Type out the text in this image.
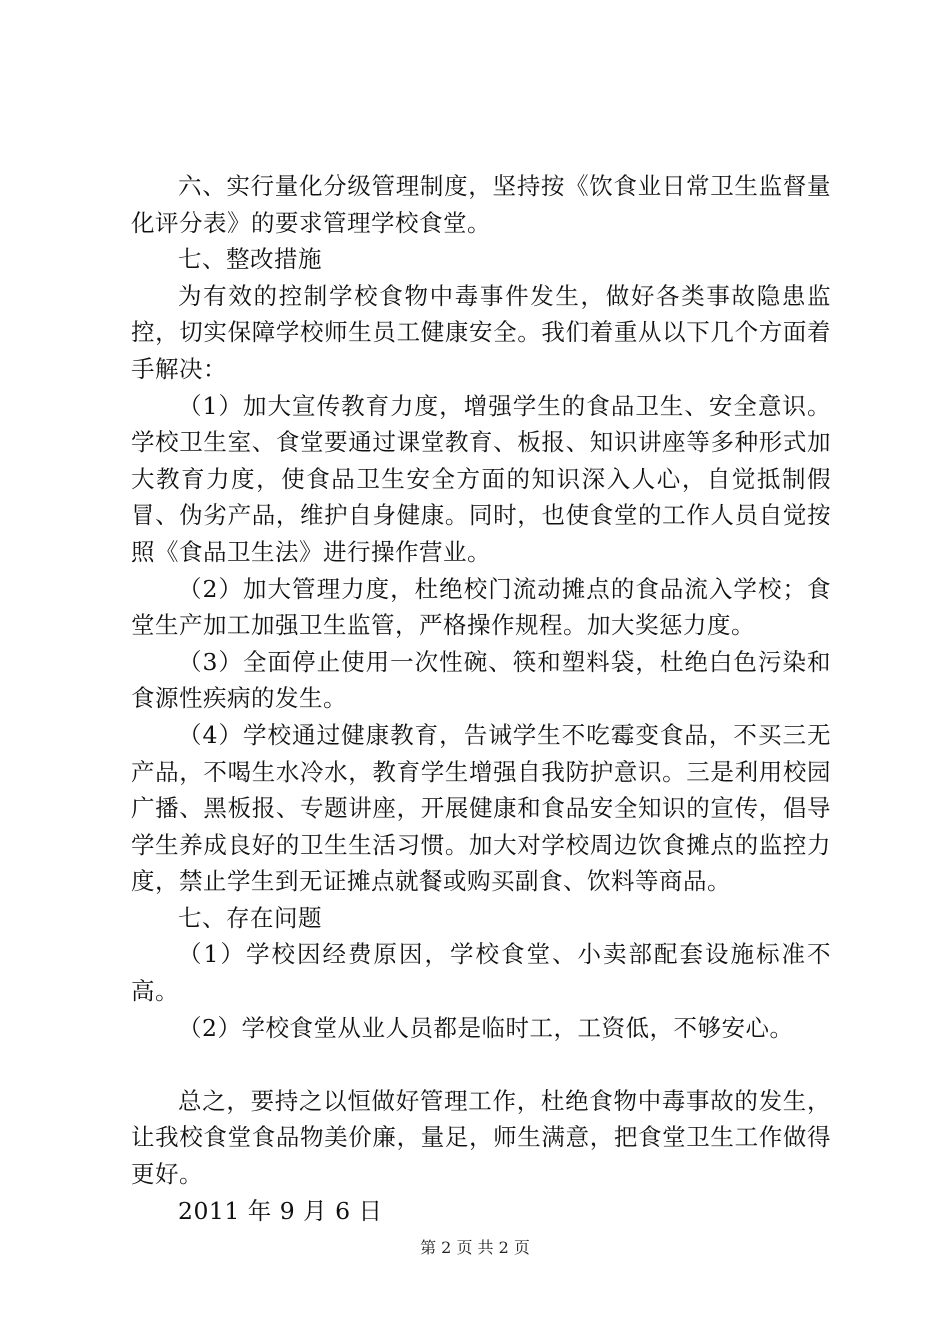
六、实行量化分级管理制度，坚持按《饮食业日常卫生监督量化评分表》的要求管理学校食堂。

七、整改措施

为有效的控制学校食物中毒事件发生，做好各类事故隐患监控，切实保障学校师生员工健康安全。我们着重从以下几个方面着手解决：

（1）加大宣传教育力度，增强学生的食品卫生、安全意识。学校卫生室、食堂要通过课堂教育、板报、知识讲座等多种形式加大教育力度，使食品卫生安全方面的知识深入人心，自觉抵制假冒、伪劣产品，维护自身健康。同时，也使食堂的工作人员自觉按照《食品卫生法》进行操作营业。

（2）加大管理力度，杜绝校门流动摊点的食品流入学校；食堂生产加工加强卫生监管，严格操作规程。加大奖惩力度。

（3）全面停止使用一次性碗、筷和塑料袋，杜绝白色污染和食源性疾病的发生。

（4）学校通过健康教育，告诫学生不吃霉变食品，不买三无产品，不喝生水冷水，教育学生增强自我防护意识。三是利用校园广播、黑板报、专题讲座，开展健康和食品安全知识的宣传，倡导学生养成良好的卫生生活习惯。加大对学校周边饮食摊点的监控力度，禁止学生到无证摊点就餐或购买副食、饮料等商品。

七、存在问题

（1）学校因经费原因，学校食堂、小卖部配套设施标准不高。

（2）学校食堂从业人员都是临时工，工资低，不够安心。

总之，要持之以恒做好管理工作，杜绝食物中毒事故的发生，让我校食堂食品物美价廉，量足，师生满意，把食堂卫生工作做得更好。

2011 年 9 月 6 日

第 2 页 共 2 页
